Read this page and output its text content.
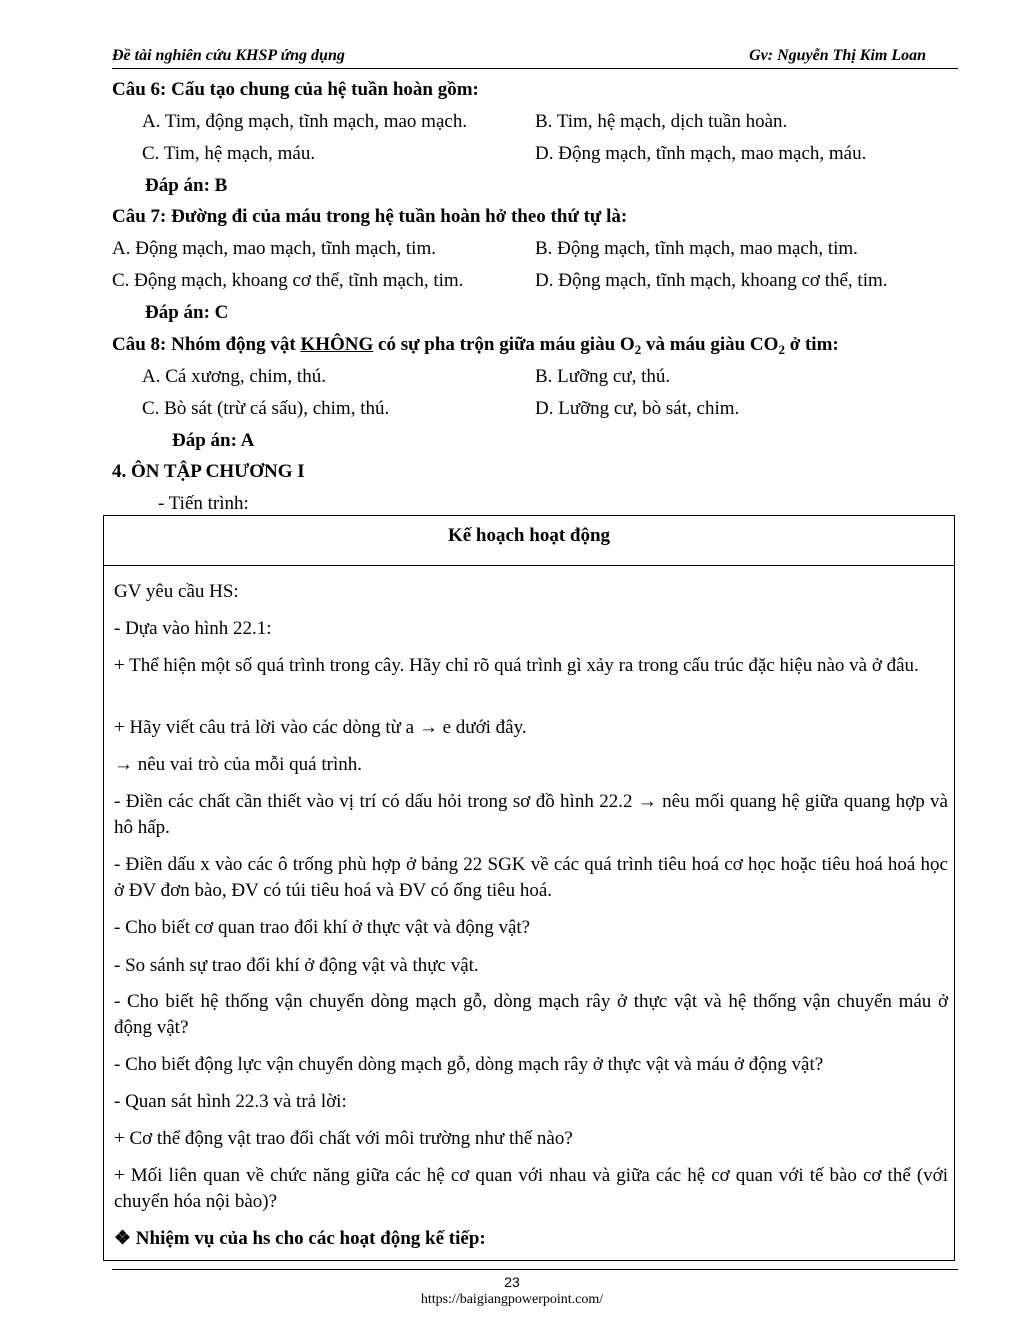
Đề tài nghiên cứu KHSP ứng dụng	Gv: Nguyễn Thị Kim Loan
Câu 6: Cấu tạo chung của hệ tuần hoàn gồm:
A. Tim, động mạch, tĩnh mạch, mao mạch.	B. Tim, hệ mạch, dịch tuần hoàn.
C. Tim, hệ mạch, máu.	D. Động mạch, tĩnh mạch, mao mạch, máu.
Đáp án: B
Câu 7: Đường đi của máu trong hệ tuần hoàn hở theo thứ tự là:
A. Động mạch, mao mạch, tĩnh mạch, tim.	B. Động mạch, tĩnh mạch, mao mạch, tim.
C. Động mạch, khoang cơ thể, tĩnh mạch, tim.	D. Động mạch, tĩnh mạch, khoang cơ thể, tim.
Đáp án: C
Câu 8: Nhóm động vật KHÔNG có sự pha trộn giữa máu giàu $O_2$ và máu giàu $CO_2$ ở tim:
A. Cá xương, chim, thú.	B. Lưỡng cư, thú.
C. Bò sát (trừ cá sấu), chim, thú.	D. Lưỡng cư, bò sát, chim.
Đáp án: A
4. ÔN TẬP CHƯƠNG I
- Tiến trình:
Kế hoạch hoạt động
GV yêu cầu HS:
- Dựa vào hình 22.1:
+ Thể hiện một số quá trình trong cây. Hãy chỉ rõ quá trình gì xảy ra trong cấu trúc đặc hiệu nào và ở đâu.
+ Hãy viết câu trả lời vào các dòng từ a → e dưới đây.
→ nêu vai trò của mỗi quá trình.
- Điền các chất cần thiết vào vị trí có dấu hỏi trong sơ đồ hình 22.2 → nêu mối quang hệ giữa quang hợp và hô hấp.
- Điền dấu x vào các ô trống phù hợp ở bảng 22 SGK về các quá trình tiêu hoá cơ học hoặc tiêu hoá hoá học ở ĐV đơn bào, ĐV có túi tiêu hoá và ĐV có ống tiêu hoá.
- Cho biết cơ quan trao đổi khí ở thực vật và động vật?
- So sánh sự trao đổi khí ở động vật và thực vật.
- Cho biết hệ thống vận chuyển dòng mạch gỗ, dòng mạch rây ở thực vật và hệ thống vận chuyển máu ở động vật?
- Cho biết động lực vận chuyển dòng mạch gỗ, dòng mạch rây ở thực vật và máu ở động vật?
- Quan sát hình 22.3 và trả lời:
+ Cơ thể động vật trao đổi chất với môi trường như thế nào?
+ Mối liên quan về chức năng giữa các hệ cơ quan với nhau và giữa các hệ cơ quan với tế bào cơ thể (với chuyển hóa nội bào)?
❖ Nhiệm vụ của hs cho các hoạt động kế tiếp:
23
https://baigiangpowerpoint.com/
